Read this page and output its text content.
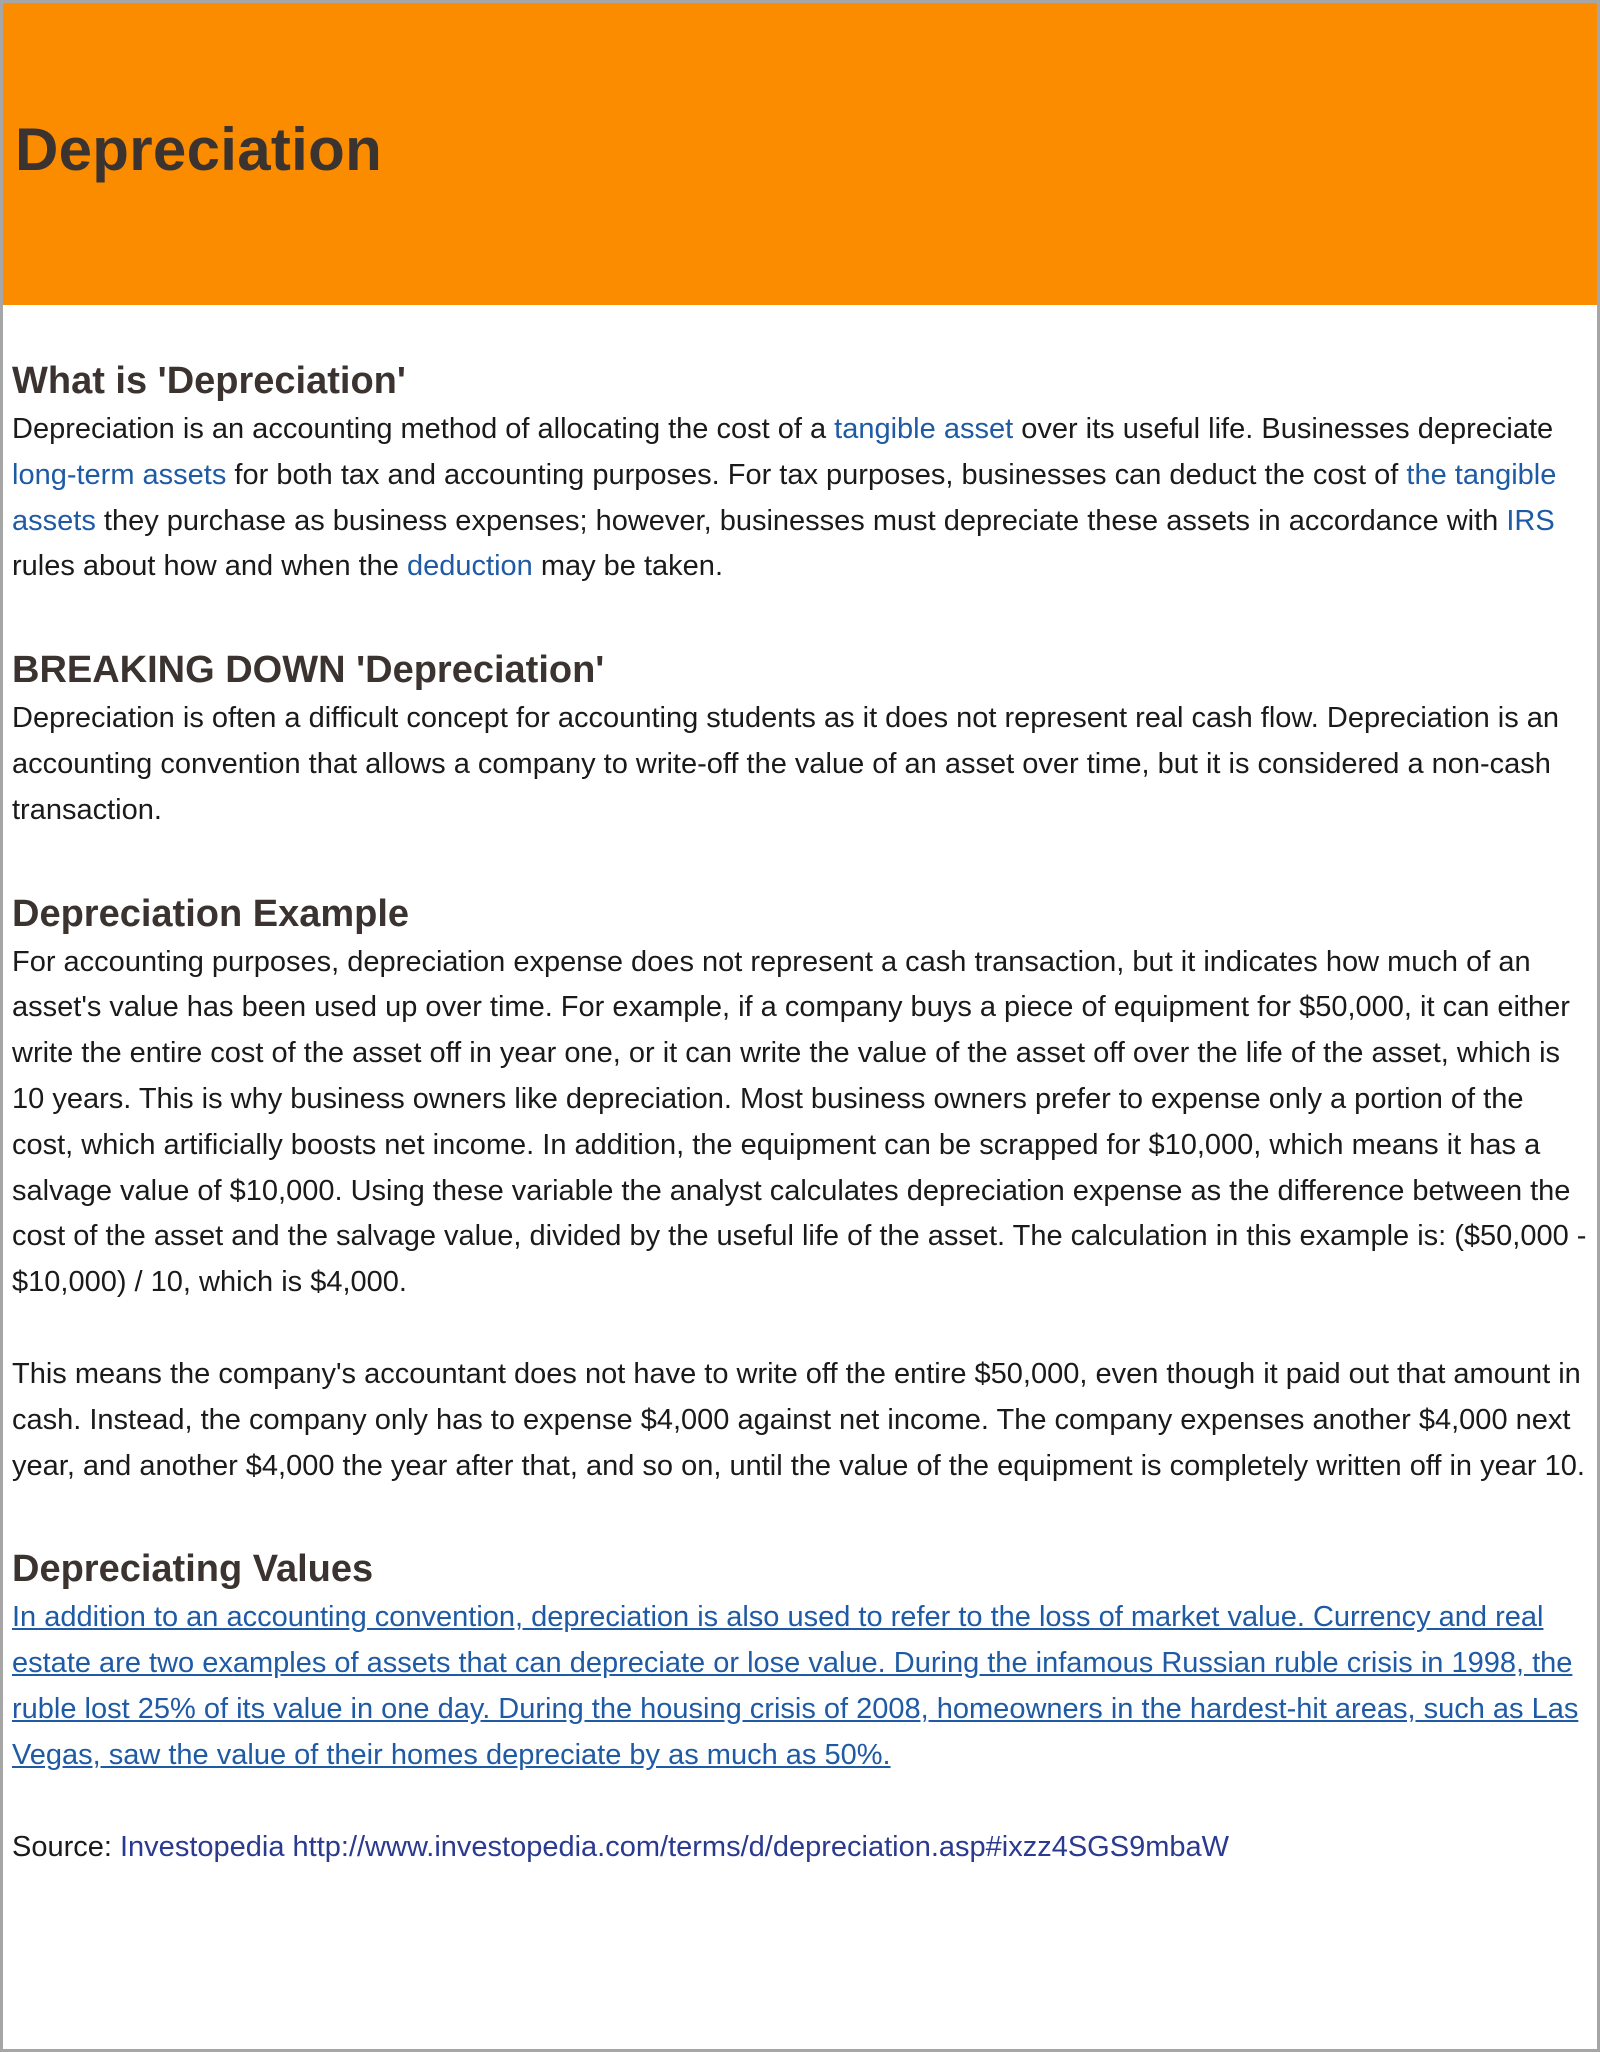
Depreciation
What is 'Depreciation'

Depreciation is an accounting method of allocating the cost of a tangible asset over its useful life. Businesses depreciate long-term assets for both tax and accounting purposes. For tax purposes, businesses can deduct the cost of the tangible assets they purchase as business expenses; however, businesses must depreciate these assets in accordance with IRS rules about how and when the deduction may be taken.

BREAKING DOWN 'Depreciation'

Depreciation is often a difficult concept for accounting students as it does not represent real cash flow. Depreciation is an accounting convention that allows a company to write-off the value of an asset over time, but it is considered a non-cash transaction.

Depreciation Example

For accounting purposes, depreciation expense does not represent a cash transaction, but it indicates how much of an asset's value has been used up over time. For example, if a company buys a piece of equipment for $50,000, it can either write the entire cost of the asset off in year one, or it can write the value of the asset off over the life of the asset, which is 10 years. This is why business owners like depreciation. Most business owners prefer to expense only a portion of the cost, which artificially boosts net income. In addition, the equipment can be scrapped for $10,000, which means it has a salvage value of $10,000. Using these variable the analyst calculates depreciation expense as the difference between the cost of the asset and the salvage value, divided by the useful life of the asset. The calculation in this example is: ($50,000 - $10,000) / 10, which is $4,000.

This means the company's accountant does not have to write off the entire $50,000, even though it paid out that amount in cash. Instead, the company only has to expense $4,000 against net income. The company expenses another $4,000 next year, and another $4,000 the year after that, and so on, until the value of the equipment is completely written off in year 10.

Depreciating Values

In addition to an accounting convention, depreciation is also used to refer to the loss of market value. Currency and real estate are two examples of assets that can depreciate or lose value. During the infamous Russian ruble crisis in 1998, the ruble lost 25% of its value in one day. During the housing crisis of 2008, homeowners in the hardest-hit areas, such as Las Vegas, saw the value of their homes depreciate by as much as 50%.

Source: Investopedia http://www.investopedia.com/terms/d/depreciation.asp#ixzz4SGS9mbaW
